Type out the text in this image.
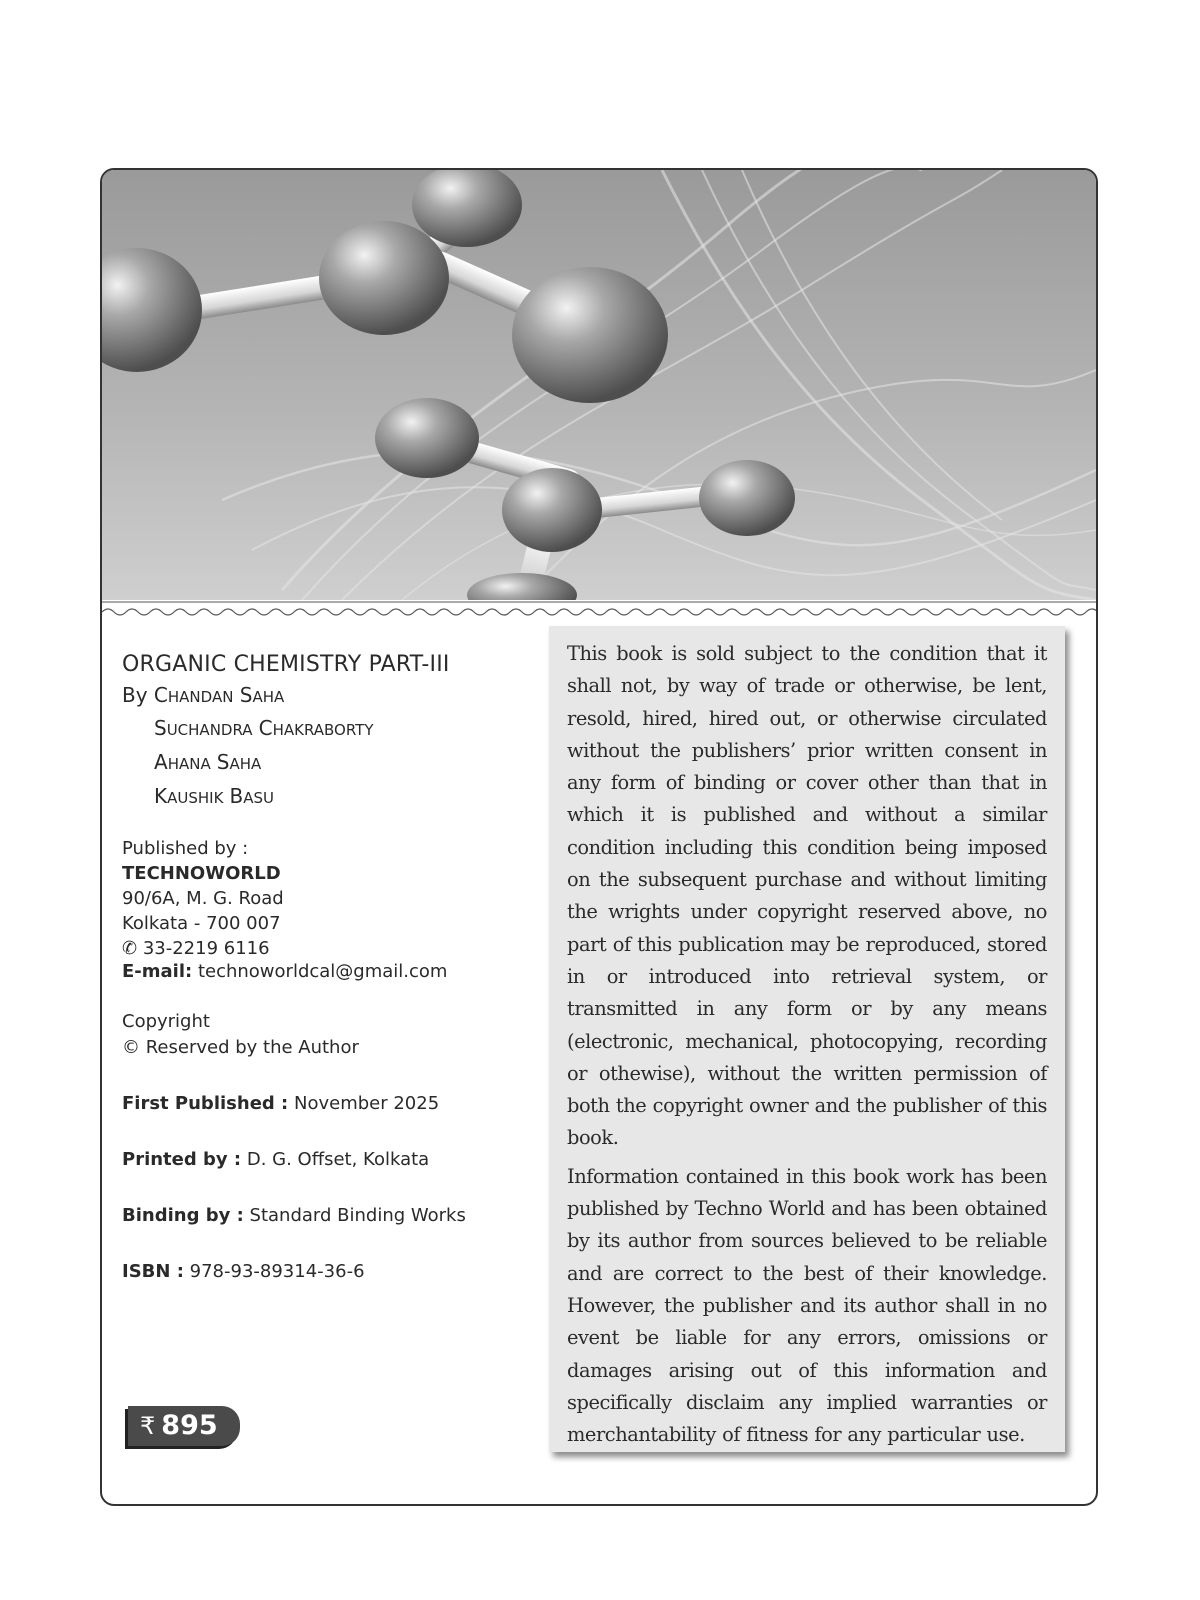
ORGANIC CHEMISTRY PART-III
By CHANDAN SAHA
SUCHANDRA CHAKRABORTY
AHANA SAHA
KAUSHIK BASU
Published by :
TECHNOWORLD
90/6A, M. G. Road
Kolkata - 700 007
✆ 33-2219 6116
E-mail: technoworldcal@gmail.com
Copyright
© Reserved by the Author
First Published : November 2025
Printed by : D. G. Offset, Kolkata
Binding by : Standard Binding Works
ISBN : 978-93-89314-36-6
₹ 895

This book is sold subject to the condition that it shall not, by way of trade or otherwise, be lent, resold, hired, hired out, or otherwise circulated without the publishers’ prior written consent in any form of binding or cover other than that in which it is published and without a similar condition including this condition being imposed on the subsequent purchase and without limiting the wrights under copyright reserved above, no part of this publication may be reproduced, stored in or introduced into retrieval system, or transmitted in any form or by any means (electronic, mechanical, photocopying, recording or othewise), without the written permission of both the copyright owner and the publisher of this book.

Information contained in this book work has been published by Techno World and has been obtained by its author from sources believed to be reliable and are correct to the best of their knowledge. However, the publisher and its author shall in no event be liable for any errors, omissions or damages arising out of this information and specifically disclaim any implied warranties or merchantability of fitness for any particular use.
